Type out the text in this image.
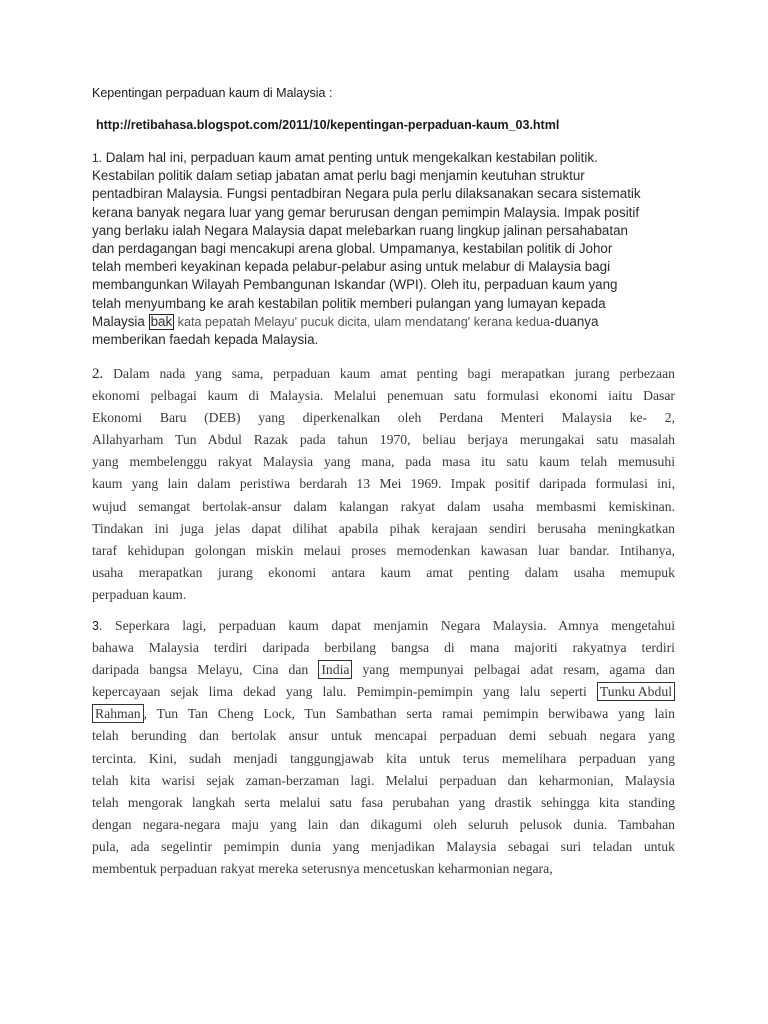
Kepentingan perpaduan kaum di Malaysia :
http://retibahasa.blogspot.com/2011/10/kepentingan-perpaduan-kaum_03.html
1. Dalam hal ini, perpaduan kaum amat penting untuk mengekalkan kestabilan politik.
Kestabilan politik dalam setiap jabatan amat perlu bagi menjamin keutuhan struktur
pentadbiran Malaysia. Fungsi pentadbiran Negara pula perlu dilaksanakan secara sistematik
kerana banyak negara luar yang gemar berurusan dengan pemimpin Malaysia. Impak positif
yang berlaku ialah Negara Malaysia dapat melebarkan ruang lingkup jalinan persahabatan
dan perdagangan bagi mencakupi arena global. Umpamanya, kestabilan politik di Johor
telah memberi keyakinan kepada pelabur-pelabur asing untuk melabur di Malaysia bagi
membangunkan Wilayah Pembangunan Iskandar (WPI). Oleh itu, perpaduan kaum yang
telah menyumbang ke arah kestabilan politik memberi pulangan yang lumayan kepada
Malaysia bak kata pepatah Melayu' pucuk dicita, ulam mendatang' kerana kedua-duanya
memberikan faedah kepada Malaysia.
2. Dalam nada yang sama, perpaduan kaum amat penting bagi merapatkan jurang perbezaan
ekonomi pelbagai kaum di Malaysia. Melalui penemuan satu formulasi ekonomi iaitu Dasar
Ekonomi Baru (DEB) yang diperkenalkan oleh Perdana Menteri Malaysia ke- 2,
Allahyarham Tun Abdul Razak pada tahun 1970, beliau berjaya merungakai satu masalah
yang membelenggu rakyat Malaysia yang mana, pada masa itu satu kaum telah memusuhi
kaum yang lain dalam peristiwa berdarah 13 Mei 1969. Impak positif daripada formulasi ini,
wujud semangat bertolak-ansur dalam kalangan rakyat dalam usaha membasmi kemiskinan.
Tindakan ini juga jelas dapat dilihat apabila pihak kerajaan sendiri berusaha meningkatkan
taraf kehidupan golongan miskin melaui proses memodenkan kawasan luar bandar. Intihanya,
usaha merapatkan jurang ekonomi antara kaum amat penting dalam usaha memupuk
perpaduan kaum.
3. Seperkara lagi, perpaduan kaum dapat menjamin Negara Malaysia. Amnya mengetahui
bahawa Malaysia terdiri daripada berbilang bangsa di mana majoriti rakyatnya terdiri
daripada bangsa Melayu, Cina dan India yang mempunyai pelbagai adat resam, agama dan
kepercayaan sejak lima dekad yang lalu. Pemimpin-pemimpin yang lalu seperti Tunku Abdul
Rahman , Tun Tan Cheng Lock, Tun Sambathan serta ramai pemimpin berwibawa yang lain
telah berunding dan bertolak ansur untuk mencapai perpaduan demi sebuah negara yang
tercinta. Kini, sudah menjadi tanggungjawab kita untuk terus memelihara perpaduan yang
telah kita warisi sejak zaman-berzaman lagi. Melalui perpaduan dan keharmonian, Malaysia
telah mengorak langkah serta melalui satu fasa perubahan yang drastik sehingga kita standing
dengan negara-negara maju yang lain dan dikagumi oleh seluruh pelusok dunia. Tambahan
pula, ada segelintir pemimpin dunia yang menjadikan Malaysia sebagai suri teladan untuk
membentuk perpaduan rakyat mereka seterusnya mencetuskan keharmonian negara,
